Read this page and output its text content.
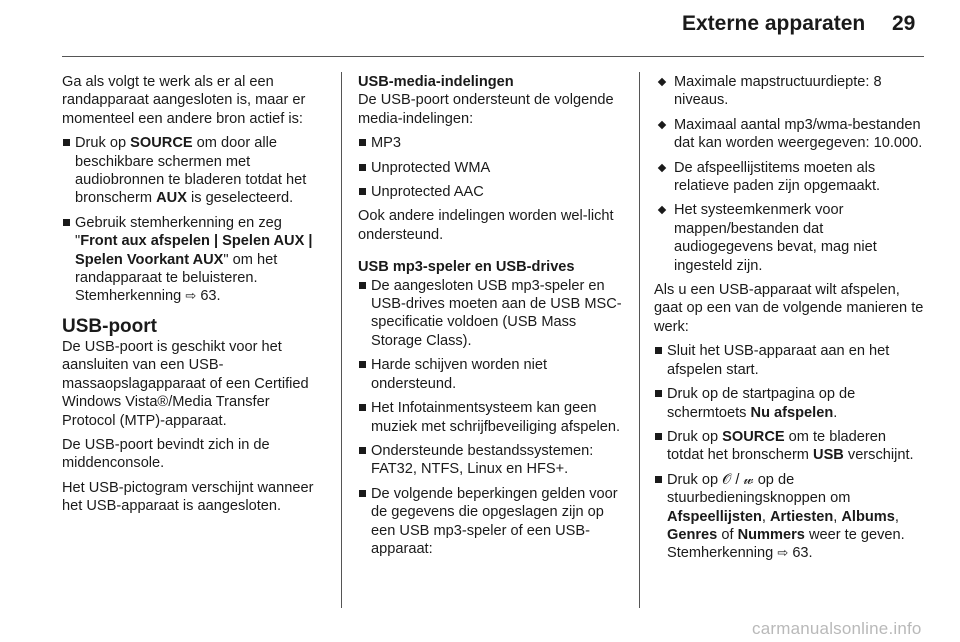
Externe apparaten 29

Ga als volgt te werk als er al een randapparaat aangesloten is, maar er momenteel een andere bron actief is:

Druk op SOURCE om door alle beschikbare schermen met audiobronnen te bladeren totdat het bronscherm AUX is geselecteerd.
Gebruik stemherkenning en zeg "Front aux afspelen | Spelen AUX | Spelen Voorkant AUX" om het randapparaat te beluisteren. Stemherkenning ⇨ 63.
USB-poort

De USB-poort is geschikt voor het aansluiten van een USB-massaopslagapparaat of een Certified Windows Vista®/Media Transfer Protocol (MTP)-apparaat.

De USB-poort bevindt zich in de middenconsole.

Het USB-pictogram verschijnt wanneer het USB-apparaat is aangesloten.

USB-media-indelingen

De USB-poort ondersteunt de volgende media-indelingen:

MP3
Unprotected WMA
Unprotected AAC

Ook andere indelingen worden wel-licht ondersteund.

USB mp3-speler en USB-drives

De aangesloten USB mp3-speler en USB-drives moeten aan de USB MSC-specificatie voldoen (USB Mass Storage Class).
Harde schijven worden niet ondersteund.
Het Infotainmentsysteem kan geen muziek met schrijfbeveiliging afspelen.
Ondersteunde bestandssystemen: FAT32, NTFS, Linux en HFS+.
De volgende beperkingen gelden voor de gegevens die opgeslagen zijn op een USB mp3-speler of een USB-apparaat:
Maximale mapstructuurdiepte: 8 niveaus.
Maximaal aantal mp3/wma-bestanden dat kan worden weergegeven: 10.000.
De afspeellijstitems moeten als relatieve paden zijn opgemaakt.
Het systeemkenmerk voor mappen/bestanden dat audiogegevens bevat, mag niet ingesteld zijn.

Als u een USB-apparaat wilt afspelen, gaat op een van de volgende manieren te werk:

Sluit het USB-apparaat aan en het afspelen start.
Druk op de startpagina op de schermtoets Nu afspelen.
Druk op SOURCE om te bladeren totdat het bronscherm USB verschijnt.
Druk op 𝒪 / 𝓌 op de stuurbedieningsknoppen om Afspeellijsten, Artiesten, Albums, Genres of Nummers weer te geven. Stemherkenning ⇨ 63.
carmanualsonline.info
